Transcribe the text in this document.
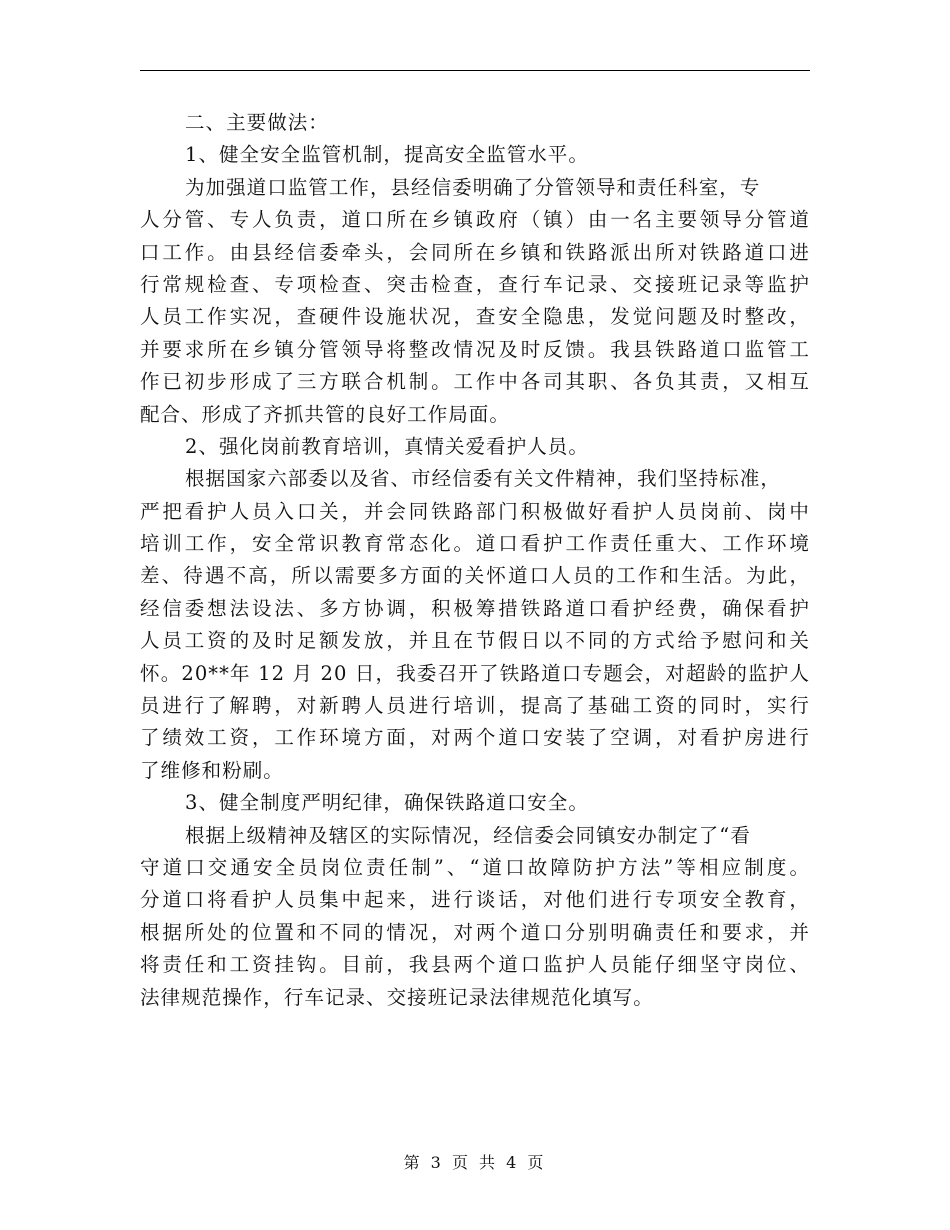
二、主要做法：
1、健全安全监管机制，提高安全监管水平。
为加强道口监管工作，县经信委明确了分管领导和责任科室，专
人分管、专人负责，道口所在乡镇政府（镇）由一名主要领导分管道
口工作。由县经信委牵头，会同所在乡镇和铁路派出所对铁路道口进
行常规检查、专项检查、突击检查，查行车记录、交接班记录等监护
人员工作实况，查硬件设施状况，查安全隐患，发觉问题及时整改，
并要求所在乡镇分管领导将整改情况及时反馈。我县铁路道口监管工
作已初步形成了三方联合机制。工作中各司其职、各负其责，又相互
配合、形成了齐抓共管的良好工作局面。
2、强化岗前教育培训，真情关爱看护人员。
根据国家六部委以及省、市经信委有关文件精神，我们坚持标准，
严把看护人员入口关，并会同铁路部门积极做好看护人员岗前、岗中
培训工作，安全常识教育常态化。道口看护工作责任重大、工作环境
差、待遇不高，所以需要多方面的关怀道口人员的工作和生活。为此，
经信委想法设法、多方协调，积极筹措铁路道口看护经费，确保看护
人员工资的及时足额发放，并且在节假日以不同的方式给予慰问和关
怀。20**年 12 月 20 日，我委召开了铁路道口专题会，对超龄的监护人
员进行了解聘，对新聘人员进行培训，提高了基础工资的同时，实行
了绩效工资，工作环境方面，对两个道口安装了空调，对看护房进行
了维修和粉刷。
3、健全制度严明纪律，确保铁路道口安全。
根据上级精神及辖区的实际情况，经信委会同镇安办制定了“看
守道口交通安全员岗位责任制”、“道口故障防护方法”等相应制度。
分道口将看护人员集中起来，进行谈话，对他们进行专项安全教育，
根据所处的位置和不同的情况，对两个道口分别明确责任和要求，并
将责任和工资挂钩。目前，我县两个道口监护人员能仔细坚守岗位、
法律规范操作，行车记录、交接班记录法律规范化填写。
第 3 页 共 4 页
